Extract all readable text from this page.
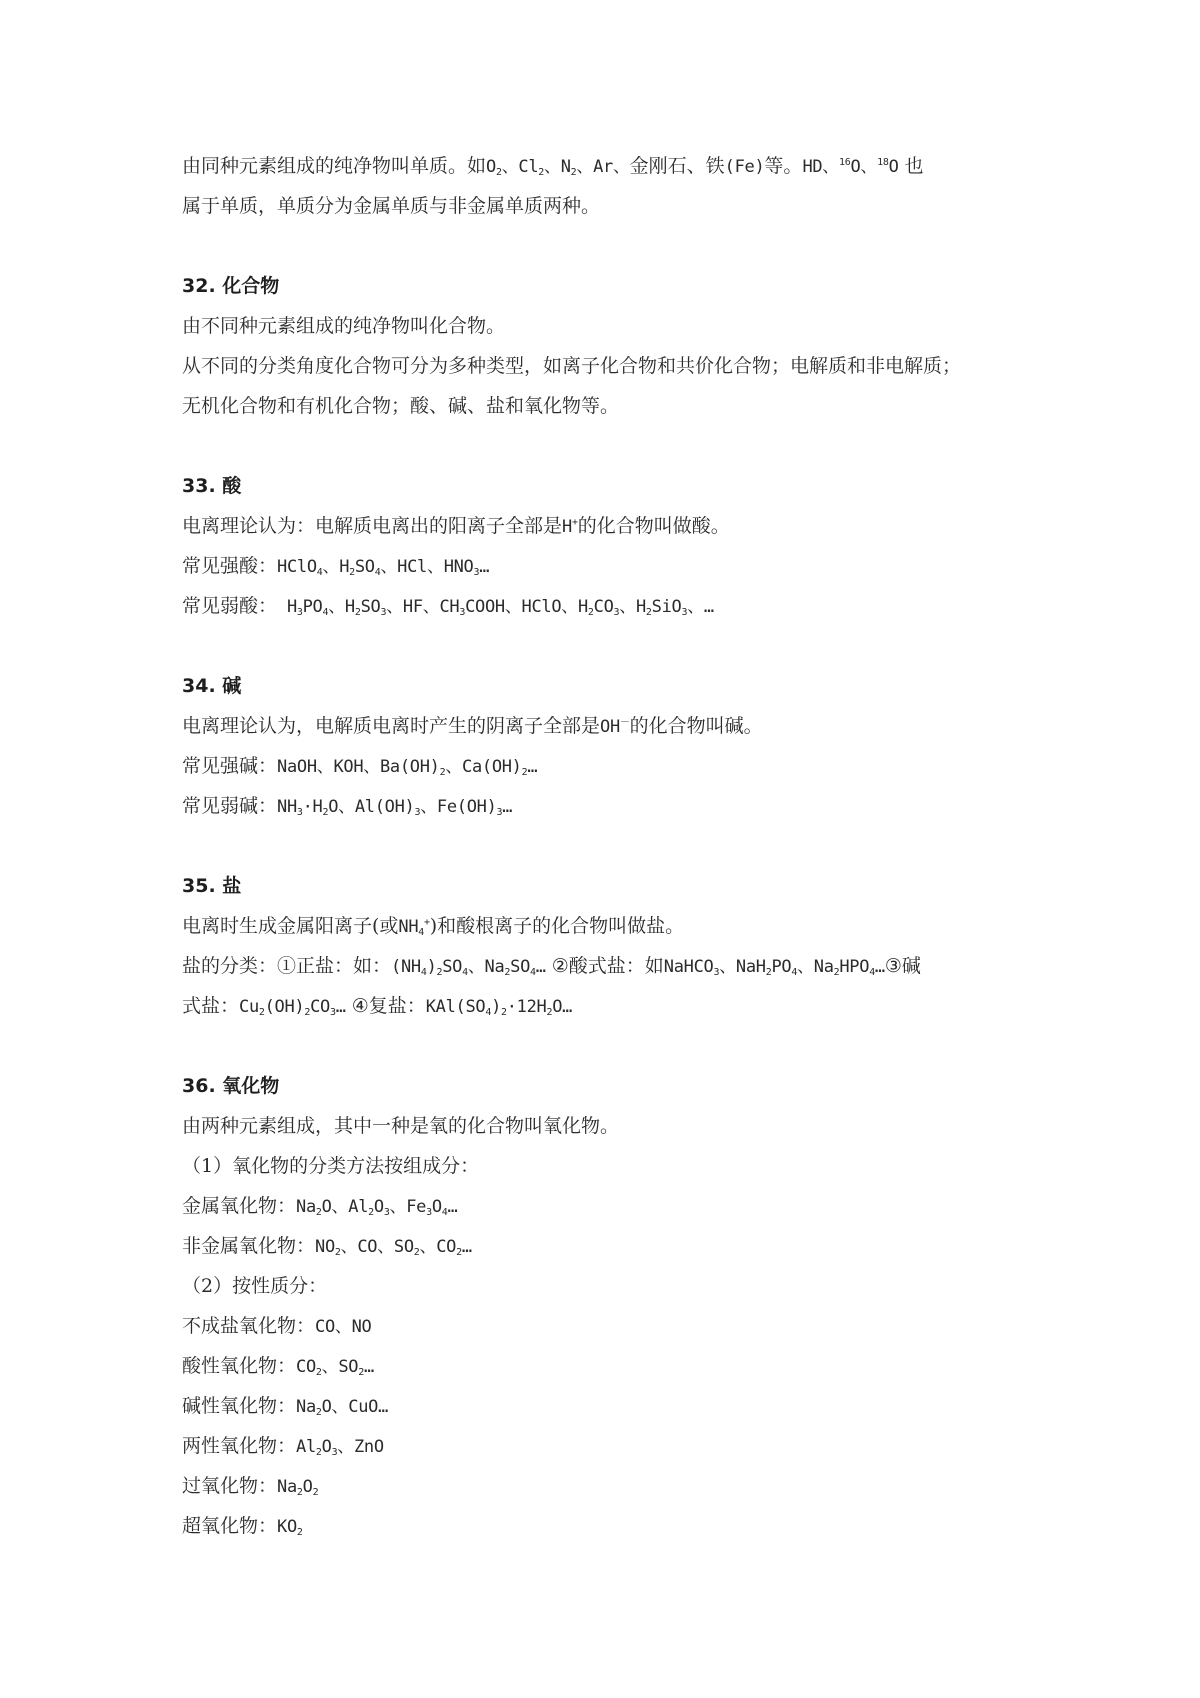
由同种元素组成的纯净物叫单质。如$O_2$、$Cl_2$、$N_2$、Ar、金刚石、铁(Fe)等。HD、$^{16}$O、$^{18}$O 也
属于单质，单质分为金属单质与非金属单质两种。
32. 化合物
由不同种元素组成的纯净物叫化合物。
从不同的分类角度化合物可分为多种类型，如离子化合物和共价化合物；电解质和非电解质；
无机化合物和有机化合物；酸、碱、盐和氧化物等。
33. 酸
电离理论认为：电解质电离出的阳离子全部是H+的化合物叫做酸。
常见强酸：HClO$_4$、$H_2SO_4$、HCl、$HNO_3\dots$
常见弱酸： $H_3PO_4$、$H_2SO_3$、HF、$CH_3COOH$、HClO、$H_2CO_3$、$H_2SiO_3$、…
34. 碱
电离理论认为，电解质电离时产生的阴离子全部是OH－的化合物叫碱。
常见强碱：NaOH、KOH、$Ba(OH)_2$、$Ca(OH)_2\dots$
常见弱碱：$NH_3\cdot H_2O$、$Al(OH)_3$、$Fe(OH)_3\dots$
35. 盐
电离时生成金属阳离子(或$NH_4^+$)和酸根离子的化合物叫做盐。
盐的分类：①正盐：如：$(NH_4)_2SO_4$、$Na_2SO_4\dots$ ②酸式盐：如NaHCO$_3$、$NaH_2PO_4$、$Na_2HPO_4\dots ③$碱
式盐：$Cu_2(OH)_2CO_3\dots$ ④复盐：$KAl(SO_4)_2\cdot 12H_2O\dots$
36. 氧化物
由两种元素组成，其中一种是氧的化合物叫氧化物。
（1）氧化物的分类方法按组成分：
金属氧化物：$Na_2O$、$Al_2O_3$、$Fe_3O_4\dots$
非金属氧化物：$NO_2$、CO、$SO_2$、$CO_2\dots$
（2）按性质分：
不成盐氧化物：CO、NO
酸性氧化物：$CO_2$、$SO_2\dots$
碱性氧化物：$Na_2O$、CuO…
两性氧化物：$Al_2O_3$、ZnO
过氧化物：$Na_2O_2$
超氧化物：$KO_2$
